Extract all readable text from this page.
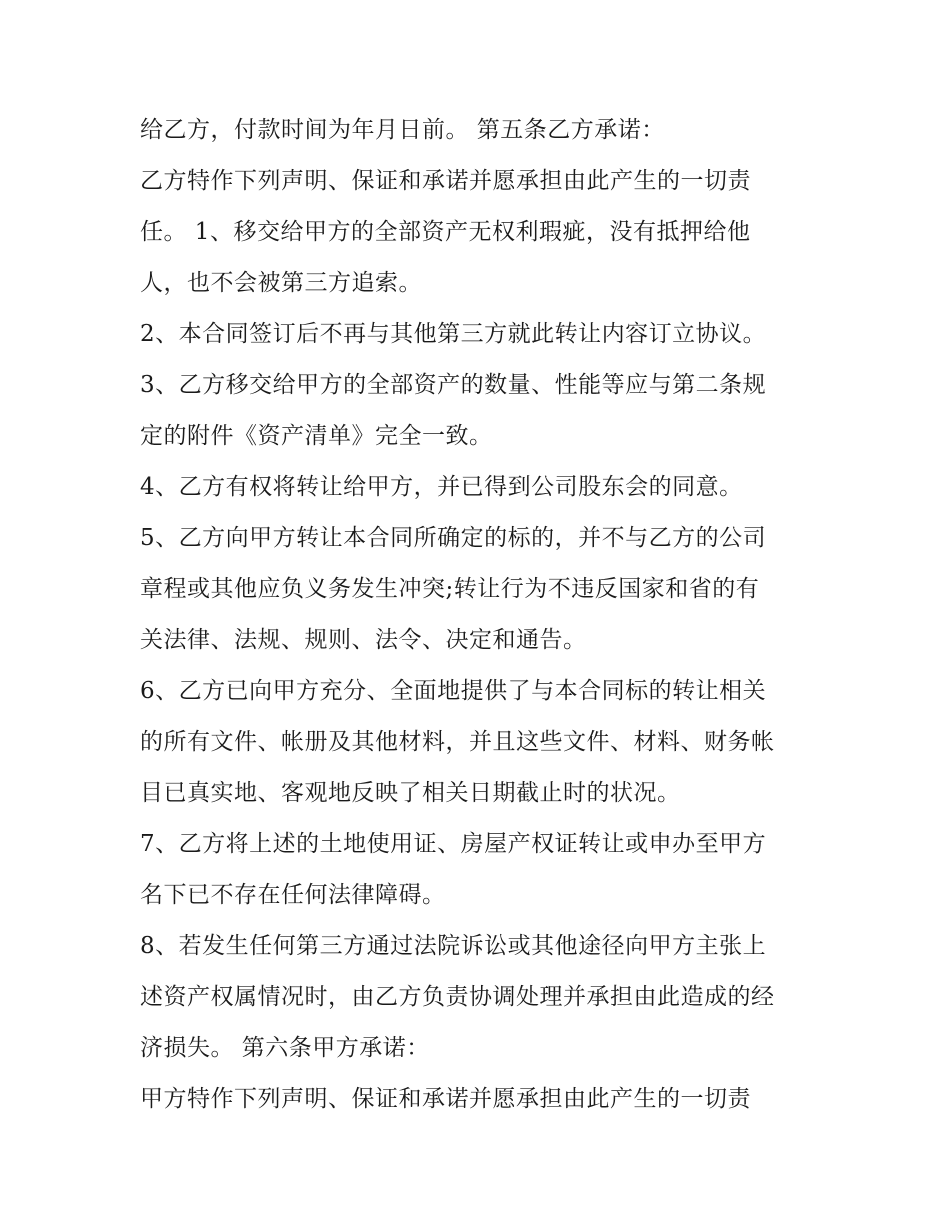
给乙方，付款时间为年月日前。 第五条乙方承诺：
乙方特作下列声明、保证和承诺并愿承担由此产生的一切责
任。 1、移交给甲方的全部资产无权利瑕疵，没有抵押给他
人，也不会被第三方追索。
2、本合同签订后不再与其他第三方就此转让内容订立协议。
3、乙方移交给甲方的全部资产的数量、性能等应与第二条规
定的附件《资产清单》完全一致。
4、乙方有权将转让给甲方，并已得到公司股东会的同意。
5、乙方向甲方转让本合同所确定的标的，并不与乙方的公司
章程或其他应负义务发生冲突;转让行为不违反国家和省的有
关法律、法规、规则、法令、决定和通告。
6、乙方已向甲方充分、全面地提供了与本合同标的转让相关
的所有文件、帐册及其他材料，并且这些文件、材料、财务帐
目已真实地、客观地反映了相关日期截止时的状况。
7、乙方将上述的土地使用证、房屋产权证转让或申办至甲方
名下已不存在任何法律障碍。
8、若发生任何第三方通过法院诉讼或其他途径向甲方主张上
述资产权属情况时，由乙方负责协调处理并承担由此造成的经
济损失。 第六条甲方承诺：
甲方特作下列声明、保证和承诺并愿承担由此产生的一切责
